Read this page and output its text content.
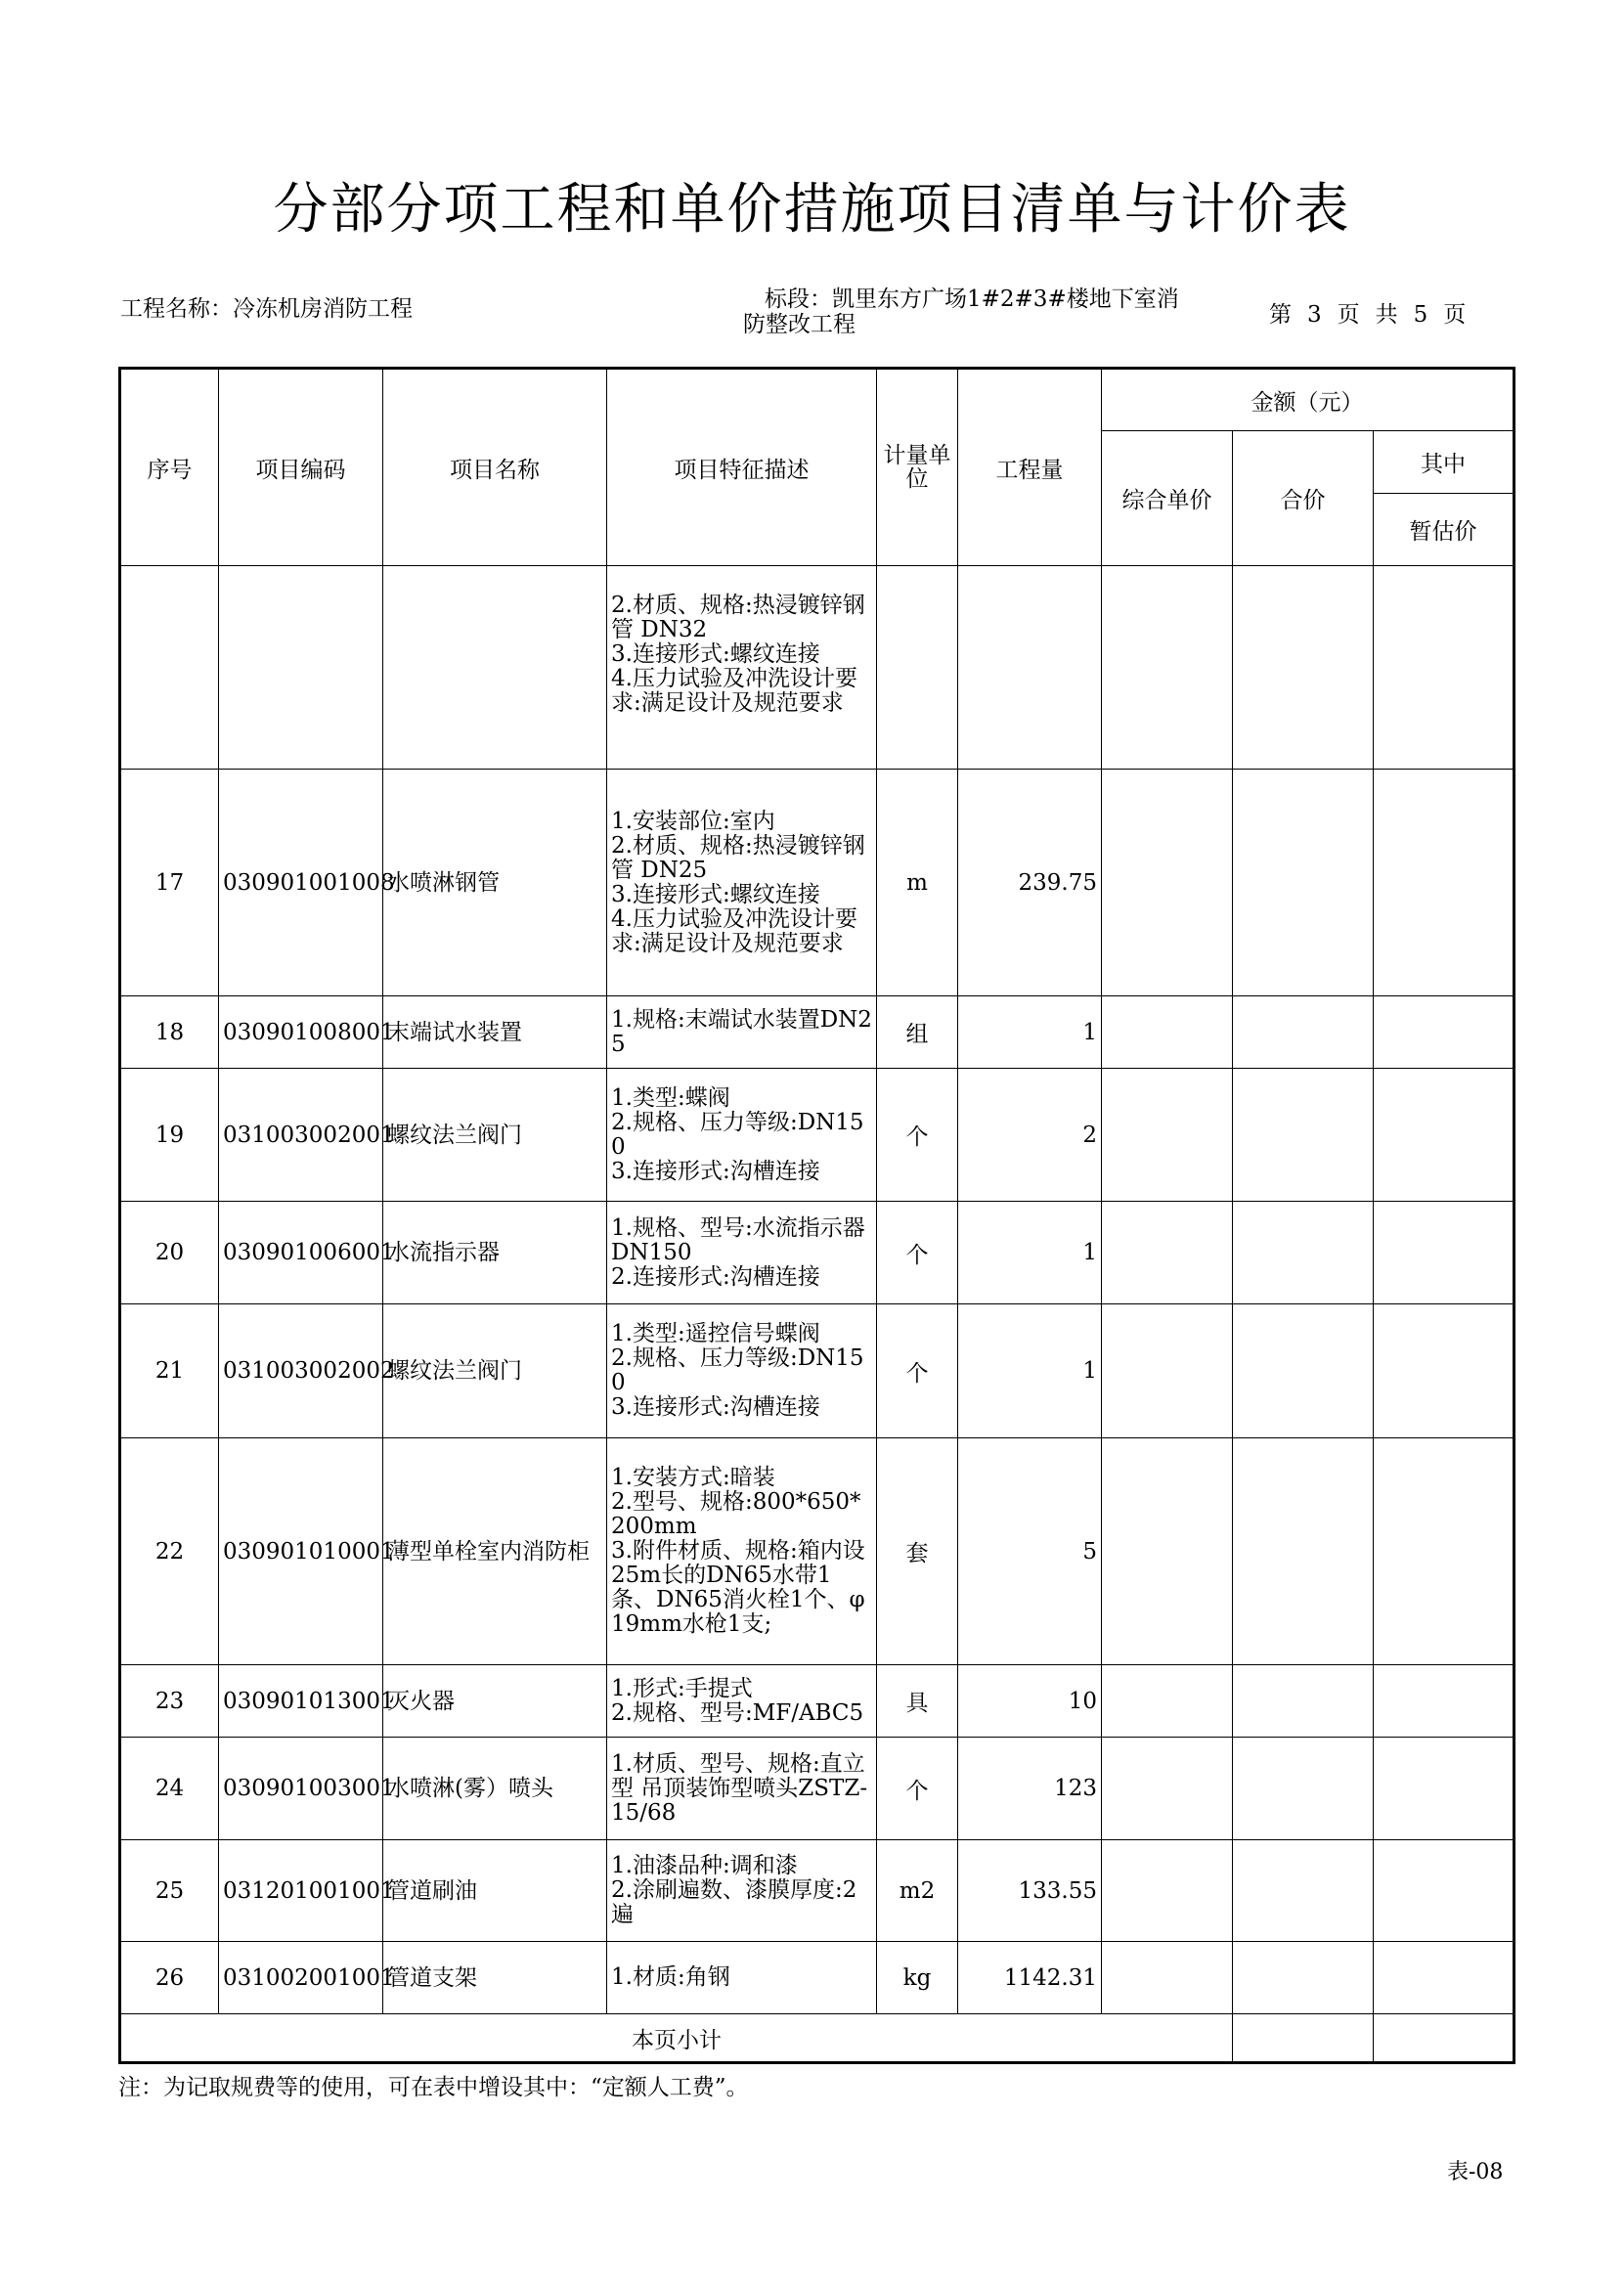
分部分项工程和单价措施项目清单与计价表
工程名称：冷冻机房消防工程	标段：凯里东方广场1#2#3#楼地下室消
防整改工程	第 3 页 共 5 页
序号	项目编码	项目名称	项目特征描述	计量单位	工程量	金额（元）		
						综合单价	合价	其中
								暂估价
			2.材质、规格:热浸镀锌钢管 DN32
3.连接形式:螺纹连接
4.压力试验及冲洗设计要求:满足设计及规范要求					
17	030901001008	水喷淋钢管	1.安装部位:室内
2.材质、规格:热浸镀锌钢管 DN25
3.连接形式:螺纹连接
4.压力试验及冲洗设计要求:满足设计及规范要求	m	239.75			
18	030901008001	末端试水装置	1.规格:末端试水装置DN25	组	1			
19	031003002001	螺纹法兰阀门	1.类型:蝶阀
2.规格、压力等级:DN150
3.连接形式:沟槽连接	个	2			
20	030901006001	水流指示器	1.规格、型号:水流指示器 DN150
2.连接形式:沟槽连接	个	1			
21	031003002002	螺纹法兰阀门	1.类型:遥控信号蝶阀
2.规格、压力等级:DN150
3.连接形式:沟槽连接	个	1			
22	030901010001	薄型单栓室内消防柜	1.安装方式:暗装
2.型号、规格:800*650*200mm
3.附件材质、规格:箱内设25m长的DN65水带1条、DN65消火栓1个、φ19mm水枪1支;	套	5			
23	030901013001	灭火器	1.形式:手提式
2.规格、型号:MF/ABC5	具	10			
24	030901003001	水喷淋(雾）喷头	1.材质、型号、规格:直立型 吊顶装饰型喷头ZSTZ-15/68	个	123			
25	031201001001	管道刷油	1.油漆品种:调和漆
2.涂刷遍数、漆膜厚度:2遍	m2	133.55			
26	031002001001	管道支架	1.材质:角钢	kg	1142.31			
本页小计								
注：为记取规费等的使用，可在表中增设其中：“定额人工费”。
表-08
